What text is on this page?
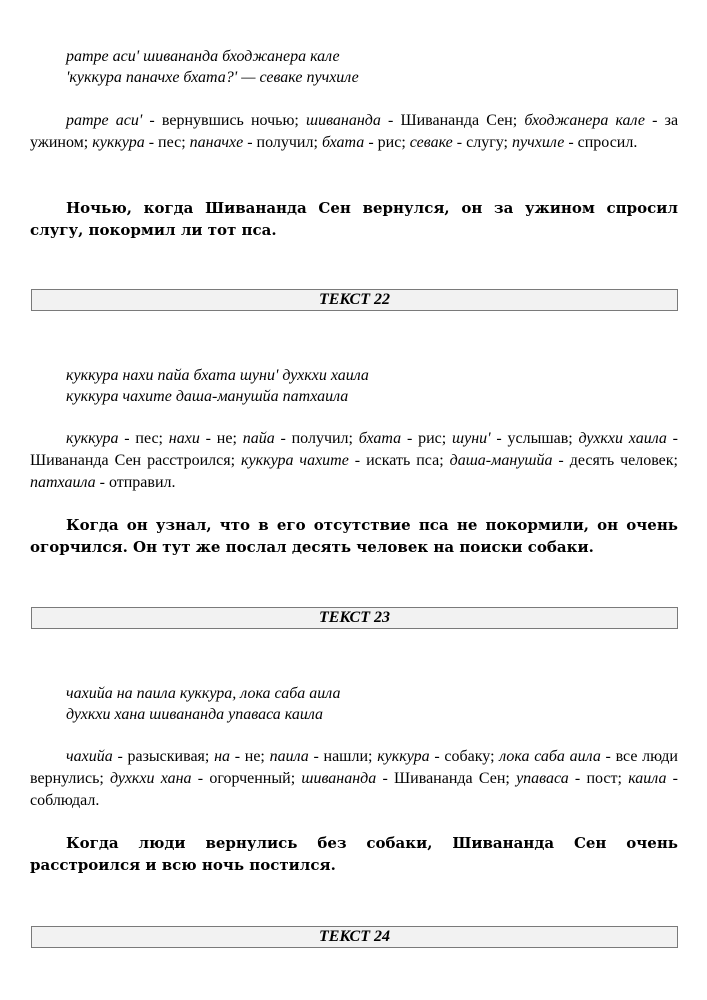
ратре аси' шивананда бходжанера кале
'куккура паначхе бхата?' — севаке пучхиле

ратре аси' - вернувшись ночью; шивананда - Шивананда Сен; бходжанера кале - за ужином; куккура - пес; паначхе - получил; бхата - рис; севаке - слугу; пучхиле - спросил.

Ночью, когда Шивананда Сен вернулся, он за ужином спросил слугу, покормил ли тот пса.

ТЕКСТ 22
куккура нахи пайа бхата шуни' духкхи хаила
куккура чахите даша-манушйа патхаила

куккура - пес; нахи - не; пайа - получил; бхата - рис; шуни' - услышав; духкхи хаила - Шивананда Сен расстроился; куккура чахите - искать пса; даша-манушйа - десять человек; патхаила - отправил.

Когда он узнал, что в его отсутствие пса не покормили, он очень огорчился. Он тут же послал десять человек на поиски собаки.

ТЕКСТ 23
чахийа на паила куккура, лока саба аила
духкхи хана шивананда упаваса каила

чахийа - разыскивая; на - не; паила - нашли; куккура - собаку; лока саба аила - все люди вернулись; духкхи хана - огорченный; шивананда - Шивананда Сен; упаваса - пост; каила - соблюдал.

Когда люди вернулись без собаки, Шивананда Сен очень расстроился и всю ночь постился.

ТЕКСТ 24
